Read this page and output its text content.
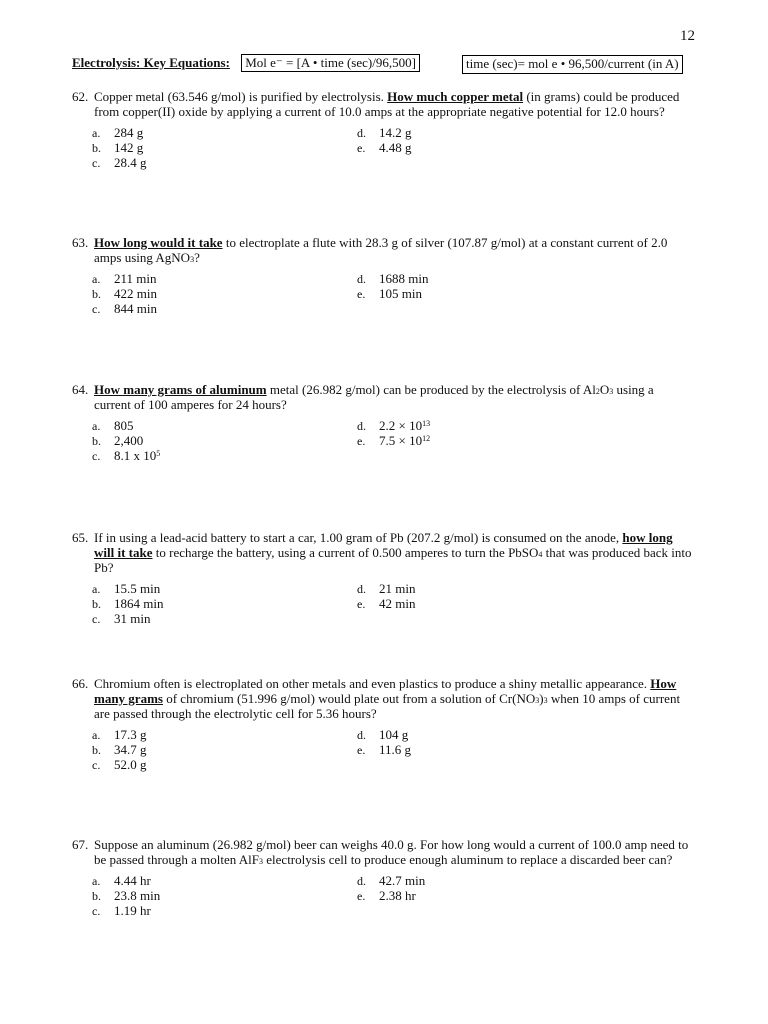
12
Electrolysis: Key Equations: Mol e⁻ = [A • time (sec)/96,500]	time (sec)= mol e • 96,500/current (in A)
62. Copper metal (63.546 g/mol) is purified by electrolysis. How much copper metal (in grams) could be produced from copper(II) oxide by applying a current of 10.0 amps at the appropriate negative potential for 12.0 hours?
a. 284 g
b. 142 g
c. 28.4 g
d. 14.2 g
e. 4.48 g
63. How long would it take to electroplate a flute with 28.3 g of silver (107.87 g/mol) at a constant current of 2.0 amps using AgNO$_3$?
a. 211 min
b. 422 min
c. 844 min
d. 1688 min
e. 105 min
64. How many grams of aluminum metal (26.982 g/mol) can be produced by the electrolysis of $Al_2O_3$ using a current of 100 amperes for 24 hours?
a. 805
b. 2,400
c. 8.1 x $10^5$
d. $2.2 \times 10^{13}$
e. $7.5 \times 10^{12}$
65. If in using a lead-acid battery to start a car, 1.00 gram of Pb (207.2 g/mol) is consumed on the anode, how long will it take to recharge the battery, using a current of 0.500 amperes to turn the PbSO$_4$ that was produced back into Pb?
a. 15.5 min
b. 1864 min
c. 31 min
d. 21 min
e. 42 min
66. Chromium often is electroplated on other metals and even plastics to produce a shiny metallic appearance. How many grams of chromium (51.996 g/mol) would plate out from a solution of $Cr(NO_3)_3$ when 10 amps of current are passed through the electrolytic cell for 5.36 hours?
a. 17.3 g
b. 34.7 g
c. 52.0 g
d. 104 g
e. 11.6 g
67. Suppose an aluminum (26.982 g/mol) beer can weighs 40.0 g. For how long would a current of 100.0 amp need to be passed through a molten AlF$_3$ electrolysis cell to produce enough aluminum to replace a discarded beer can?
a. 4.44 hr
b. 23.8 min
c. 1.19 hr
d. 42.7 min
e. 2.38 hr
